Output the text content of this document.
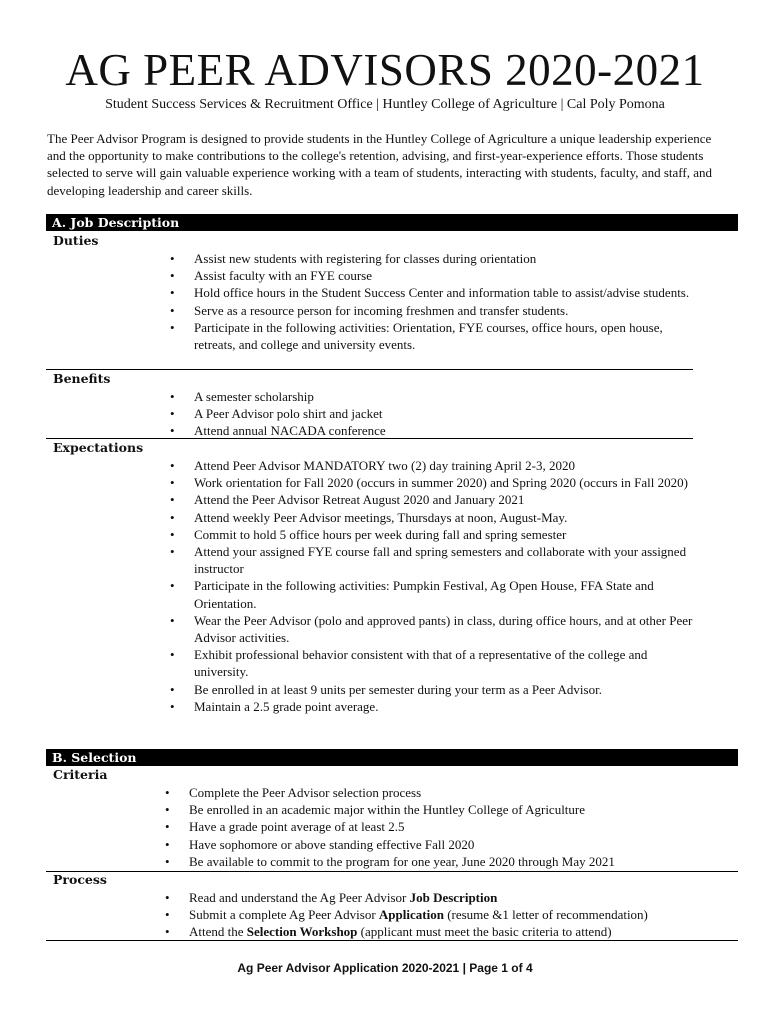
AG PEER ADVISORS 2020-2021
Student Success Services & Recruitment Office | Huntley College of Agriculture | Cal Poly Pomona
The Peer Advisor Program is designed to provide students in the Huntley College of Agriculture a unique leadership experience and the opportunity to make contributions to the college's retention, advising, and first-year-experience efforts. Those students selected to serve will gain valuable experience working with a team of students, interacting with students, faculty, and staff, and developing leadership and career skills.
A. Job Description
Duties
• Assist new students with registering for classes during orientation
• Assist faculty with an FYE course
• Hold office hours in the Student Success Center and information table to assist/advise students.
• Serve as a resource person for incoming freshmen and transfer students.
• Participate in the following activities: Orientation, FYE courses, office hours, open house, retreats, and college and university events.
Benefits
• A semester scholarship
• A Peer Advisor polo shirt and jacket
• Attend annual NACADA conference
Expectations
• Attend Peer Advisor MANDATORY two (2) day training April 2-3, 2020
• Work orientation for Fall 2020 (occurs in summer 2020) and Spring 2020 (occurs in Fall 2020)
• Attend the Peer Advisor Retreat August 2020 and January 2021
• Attend weekly Peer Advisor meetings, Thursdays at noon, August-May.
• Commit to hold 5 office hours per week during fall and spring semester
• Attend your assigned FYE course fall and spring semesters and collaborate with your assigned instructor
• Participate in the following activities: Pumpkin Festival, Ag Open House, FFA State and Orientation.
• Wear the Peer Advisor (polo and approved pants) in class, during office hours, and at other Peer Advisor activities.
• Exhibit professional behavior consistent with that of a representative of the college and university.
• Be enrolled in at least 9 units per semester during your term as a Peer Advisor.
• Maintain a 2.5 grade point average.
B. Selection
Criteria
• Complete the Peer Advisor selection process
• Be enrolled in an academic major within the Huntley College of Agriculture
• Have a grade point average of at least 2.5
• Have sophomore or above standing effective Fall 2020
• Be available to commit to the program for one year, June 2020 through May 2021
Process
• Read and understand the Ag Peer Advisor Job Description
• Submit a complete Ag Peer Advisor Application (resume &1 letter of recommendation)
• Attend the Selection Workshop (applicant must meet the basic criteria to attend)
Ag Peer Advisor Application 2020-2021 | Page 1 of 4
